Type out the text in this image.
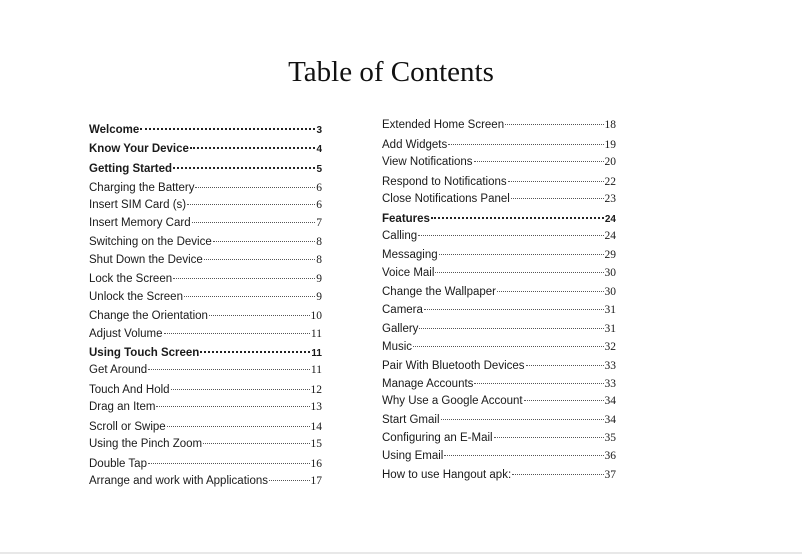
Table of Contents
Welcome	3
Know Your Device	4
Getting Started	5
Charging the Battery	6
Insert SIM Card (s)	6
Insert Memory Card	7
Switching on the Device	8
Shut Down the Device	8
Lock the Screen	9
Unlock the Screen	9
Change the Orientation	10
Adjust Volume	11
Using Touch Screen	11
Get Around	11
Touch And Hold	12
Drag an Item	13
Scroll or Swipe	14
Using the Pinch Zoom	15
Double Tap	16
Arrange and work with Applications	17
Extended Home Screen	18
Add Widgets	19
View Notifications	20
Respond to Notifications	22
Close Notifications Panel	23
Features	24
Calling	24
Messaging	29
Voice Mail	30
Change the Wallpaper	30
Camera	31
Gallery	31
Music	32
Pair With Bluetooth Devices	33
Manage Accounts	33
Why Use a Google Account	34
Start Gmail	34
Configuring an E-Mail	35
Using Email	36
How to use Hangout apk:	37
